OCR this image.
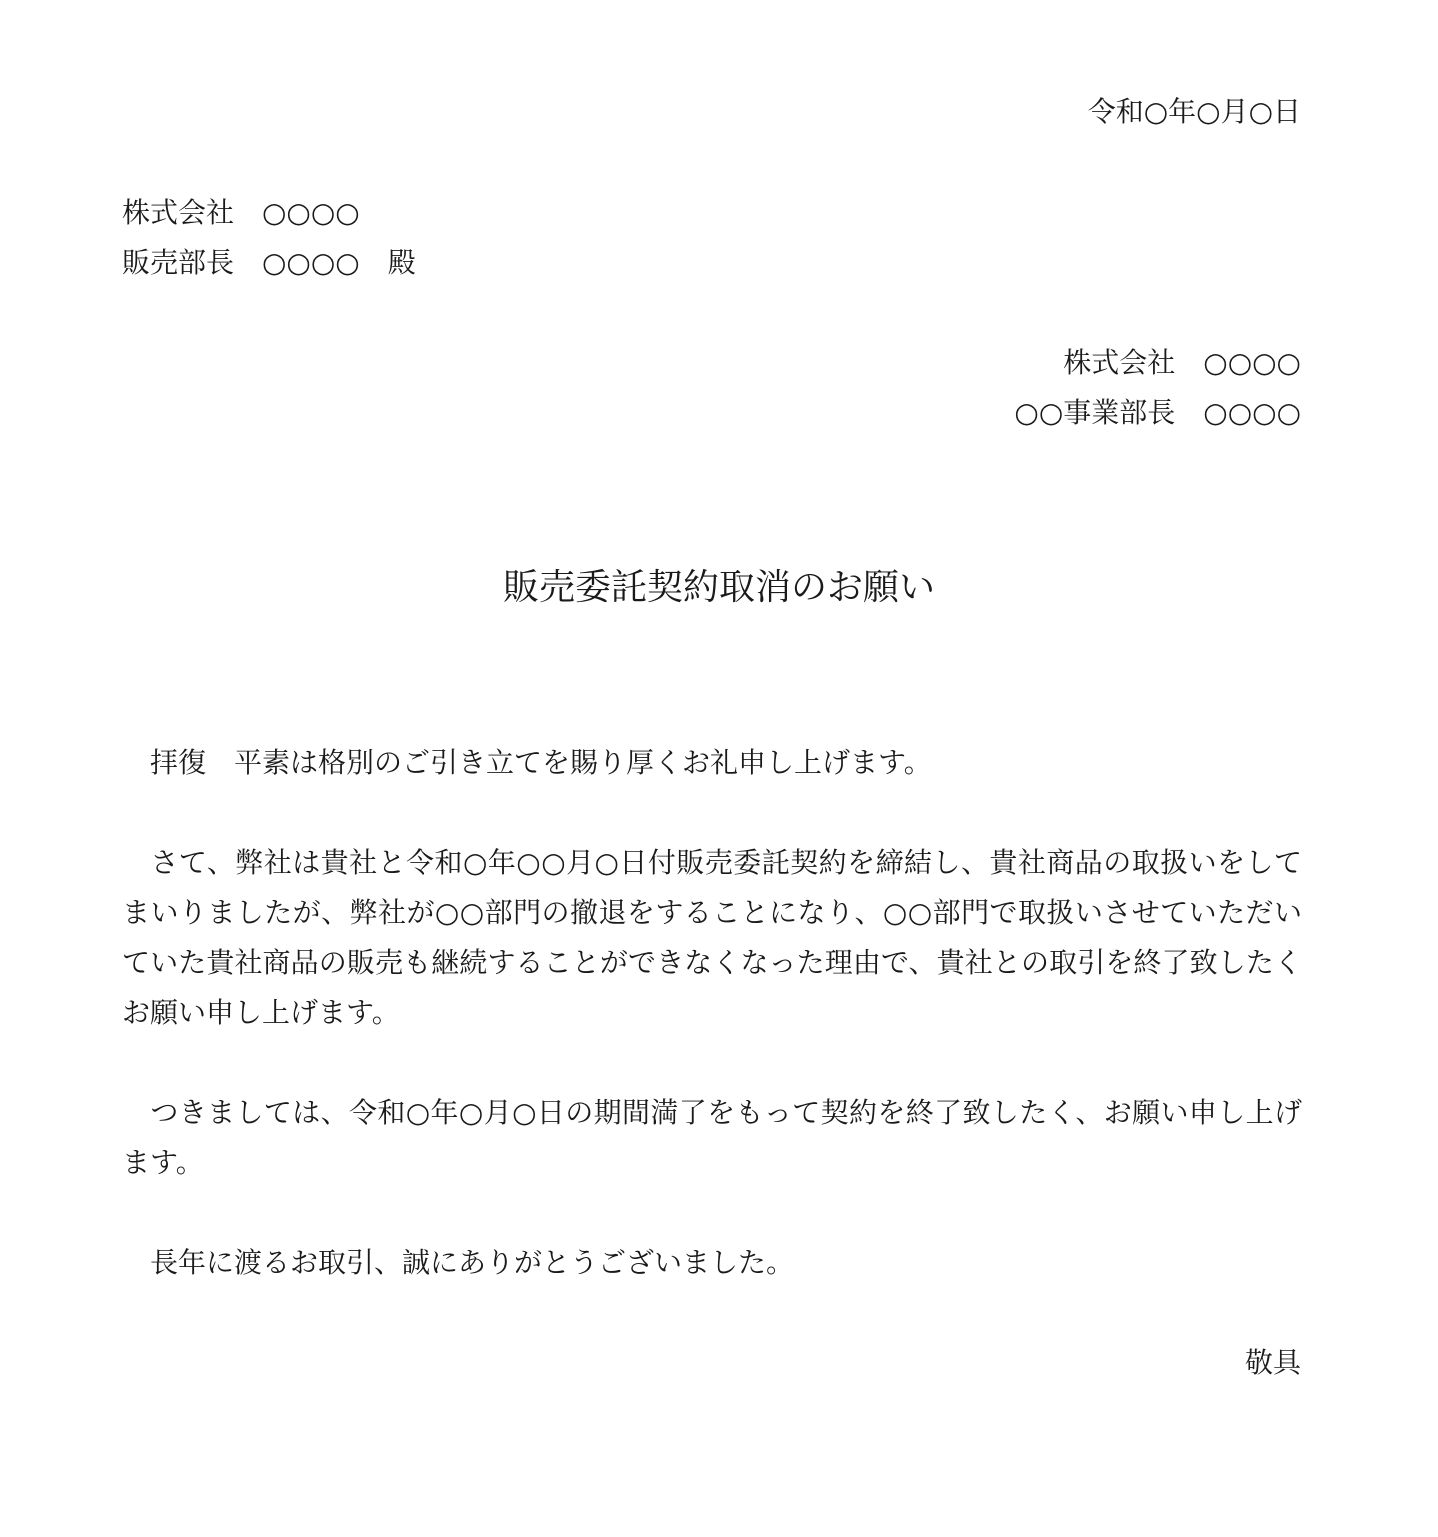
令和○年○月○日
株式会社　○○○○
販売部長　○○○○　殿
株式会社　○○○○
○○事業部長　○○○○
販売委託契約取消のお願い
　拝復　平素は格別のご引き立てを賜り厚くお礼申し上げます。
　さて、弊社は貴社と令和○年○○月○日付販売委託契約を締結し、貴社商品の取扱いをしてまいりましたが、弊社が○○部門の撤退をすることになり、○○部門で取扱いさせていただいていた貴社商品の販売も継続することができなくなった理由で、貴社との取引を終了致したくお願い申し上げます。
　つきましては、令和○年○月○日の期間満了をもって契約を終了致したく、お願い申し上げます。
　長年に渡るお取引、誠にありがとうございました。
敬具
